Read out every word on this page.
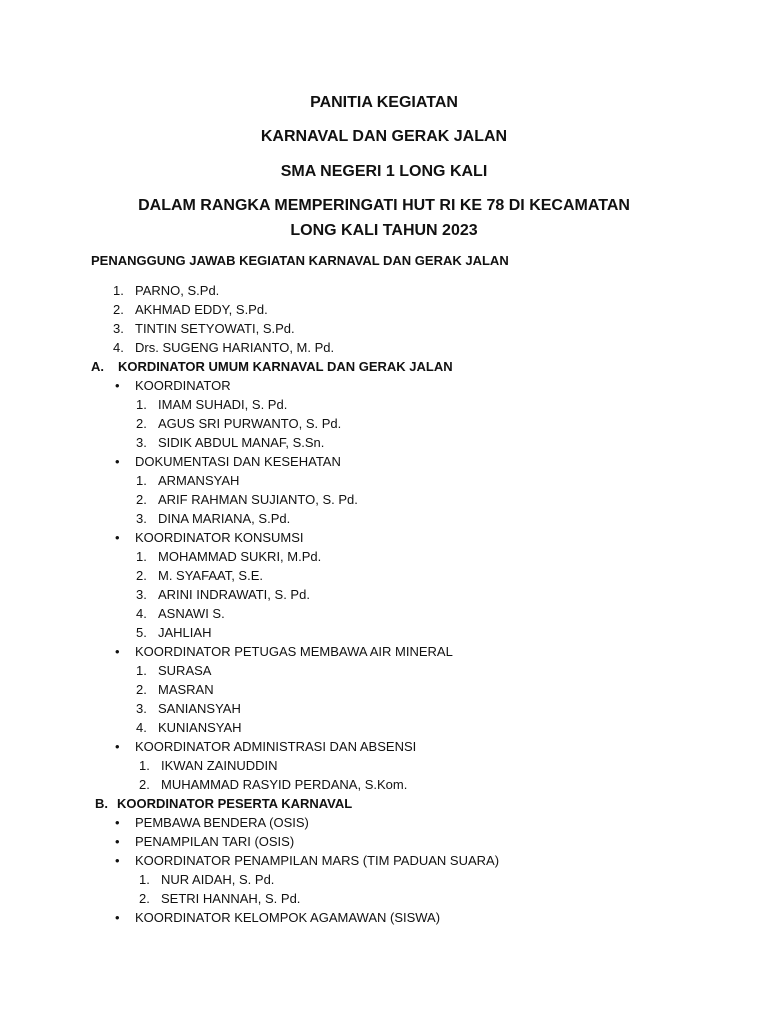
PANITIA KEGIATAN
KARNAVAL DAN GERAK JALAN
SMA NEGERI 1 LONG KALI
DALAM RANGKA MEMPERINGATI HUT RI KE 78 DI KECAMATAN
LONG KALI TAHUN 2023
PENANGGUNG JAWAB KEGIATAN KARNAVAL DAN GERAK JALAN
1. PARNO, S.Pd.
2. AKHMAD EDDY, S.Pd.
3. TINTIN SETYOWATI, S.Pd.
4. Drs. SUGENG HARIANTO, M. Pd.
A. KORDINATOR UMUM KARNAVAL DAN GERAK JALAN
• KOORDINATOR
1. IMAM SUHADI, S. Pd.
2. AGUS SRI PURWANTO, S. Pd.
3. SIDIK ABDUL MANAF, S.Sn.
• DOKUMENTASI DAN KESEHATAN
1. ARMANSYAH
2. ARIF RAHMAN SUJIANTO, S. Pd.
3. DINA MARIANA, S.Pd.
• KOORDINATOR KONSUMSI
1. MOHAMMAD SUKRI, M.Pd.
2. M. SYAFAAT, S.E.
3. ARINI INDRAWATI, S. Pd.
4. ASNAWI S.
5. JAHLIAH
• KOORDINATOR PETUGAS MEMBAWA AIR MINERAL
1. SURASA
2. MASRAN
3. SANIANSYAH
4. KUNIANSYAH
• KOORDINATOR ADMINISTRASI DAN ABSENSI
1. IKWAN ZAINUDDIN
2. MUHAMMAD RASYID PERDANA, S.Kom.
B. KOORDINATOR PESERTA KARNAVAL
• PEMBAWA BENDERA (OSIS)
• PENAMPILAN TARI (OSIS)
• KOORDINATOR PENAMPILAN MARS (TIM PADUAN SUARA)
1. NUR AIDAH, S. Pd.
2. SETRI HANNAH, S. Pd.
• KOORDINATOR KELOMPOK AGAMAWAN (SISWA)
